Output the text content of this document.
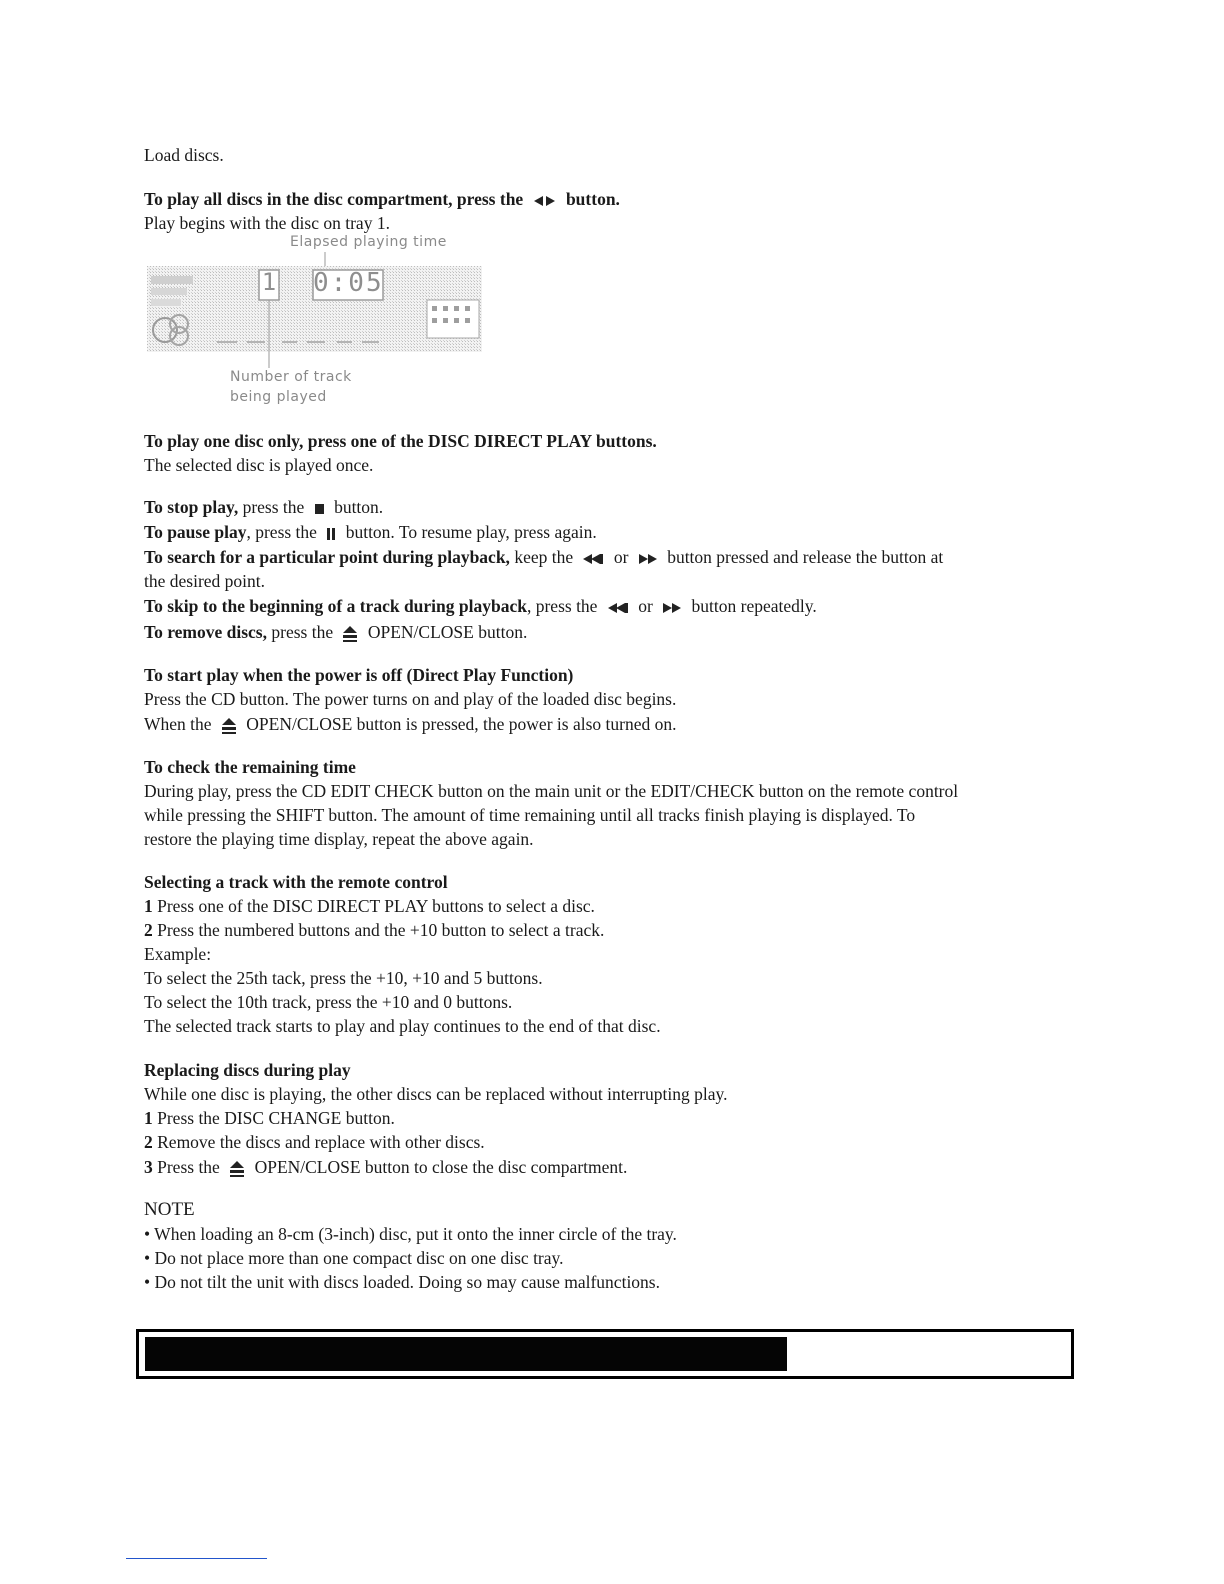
Load discs.

To play all discs in the disc compartment, press the button.

Play begins with the disc on tray 1.

To play one disc only, press one of the DISC DIRECT PLAY buttons.

The selected disc is played once.

To stop play, press the button.

To pause play, press the button. To resume play, press again.

To search for a particular point during playback, keep the or button pressed and release the button at

the desired point.

To skip to the beginning of a track during playback, press the or button repeatedly.

To remove discs, press the OPEN/CLOSE button.

To start play when the power is off (Direct Play Function)

Press the CD button. The power turns on and play of the loaded disc begins.

When the OPEN/CLOSE button is pressed, the power is also turned on.

To check the remaining time

During play, press the CD EDIT CHECK button on the main unit or the EDIT/CHECK button on the remote control

while pressing the SHIFT button. The amount of time remaining until all tracks finish playing is displayed. To

restore the playing time display, repeat the above again.

Selecting a track with the remote control

1 Press one of the DISC DIRECT PLAY buttons to select a disc.

2 Press the numbered buttons and the +10 button to select a track.

Example:

To select the 25th tack, press the +10, +10 and 5 buttons.

To select the 10th track, press the +10 and 0 buttons.

The selected track starts to play and play continues to the end of that disc.

Replacing discs during play

While one disc is playing, the other discs can be replaced without interrupting play.

1 Press the DISC CHANGE button.

2 Remove the discs and replace with other discs.

3 Press the OPEN/CLOSE button to close the disc compartment.

NOTE

• When loading an 8-cm (3-inch) disc, put it onto the inner circle of the tray.

• Do not place more than one compact disc on one disc tray.

• Do not tilt the unit with discs loaded. Doing so may cause malfunctions.

Elapsed playing time
1 0:05
Number of track
being played
